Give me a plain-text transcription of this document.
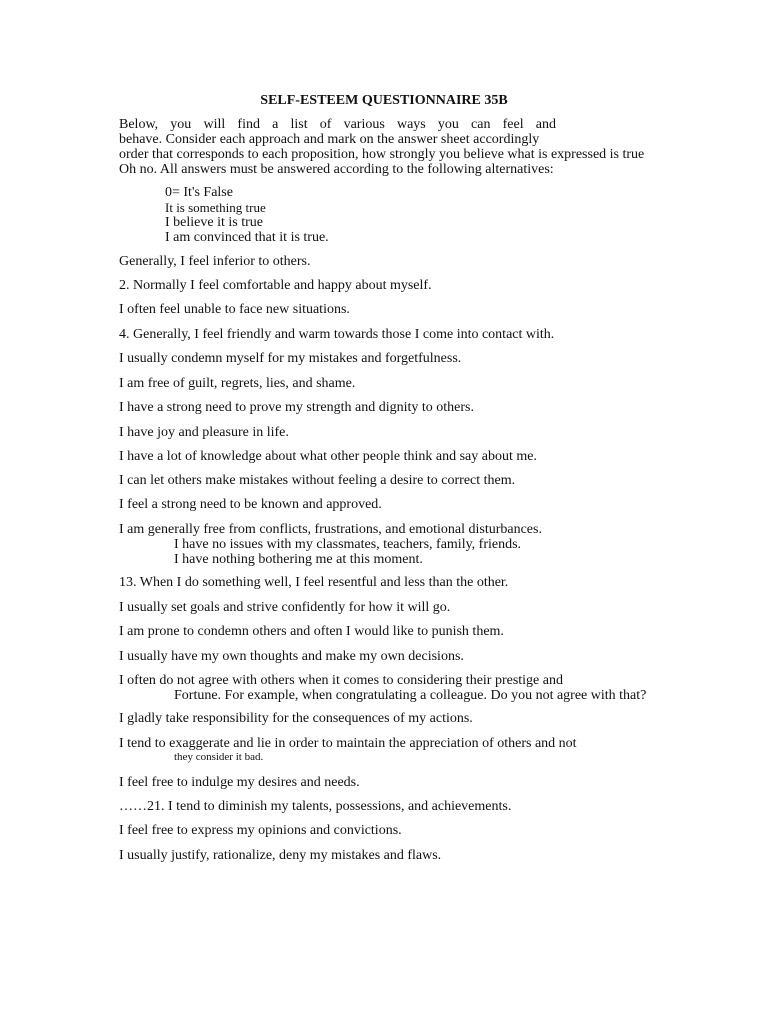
SELF-ESTEEM QUESTIONNAIRE 35B
Below, you will find a list of various ways you can feel and
behave. Consider each approach and mark on the answer sheet accordingly
order that corresponds to each proposition, how strongly you believe what is expressed is true
Oh no. All answers must be answered according to the following alternatives:
0= It's False
It is something true
I believe it is true
I am convinced that it is true.
Generally, I feel inferior to others.
2. Normally I feel comfortable and happy about myself.
I often feel unable to face new situations.
4. Generally, I feel friendly and warm towards those I come into contact with.
I usually condemn myself for my mistakes and forgetfulness.
I am free of guilt, regrets, lies, and shame.
I have a strong need to prove my strength and dignity to others.
I have joy and pleasure in life.
I have a lot of knowledge about what other people think and say about me.
I can let others make mistakes without feeling a desire to correct them.
I feel a strong need to be known and approved.
I am generally free from conflicts, frustrations, and emotional disturbances.
I have no issues with my classmates, teachers, family, friends.
I have nothing bothering me at this moment.
13. When I do something well, I feel resentful and less than the other.
I usually set goals and strive confidently for how it will go.
I am prone to condemn others and often I would like to punish them.
I usually have my own thoughts and make my own decisions.
I often do not agree with others when it comes to considering their prestige and
Fortune. For example, when congratulating a colleague. Do you not agree with that?
I gladly take responsibility for the consequences of my actions.
I tend to exaggerate and lie in order to maintain the appreciation of others and not
they consider it bad.
I feel free to indulge my desires and needs.
……21. I tend to diminish my talents, possessions, and achievements.
I feel free to express my opinions and convictions.
I usually justify, rationalize, deny my mistakes and flaws.
